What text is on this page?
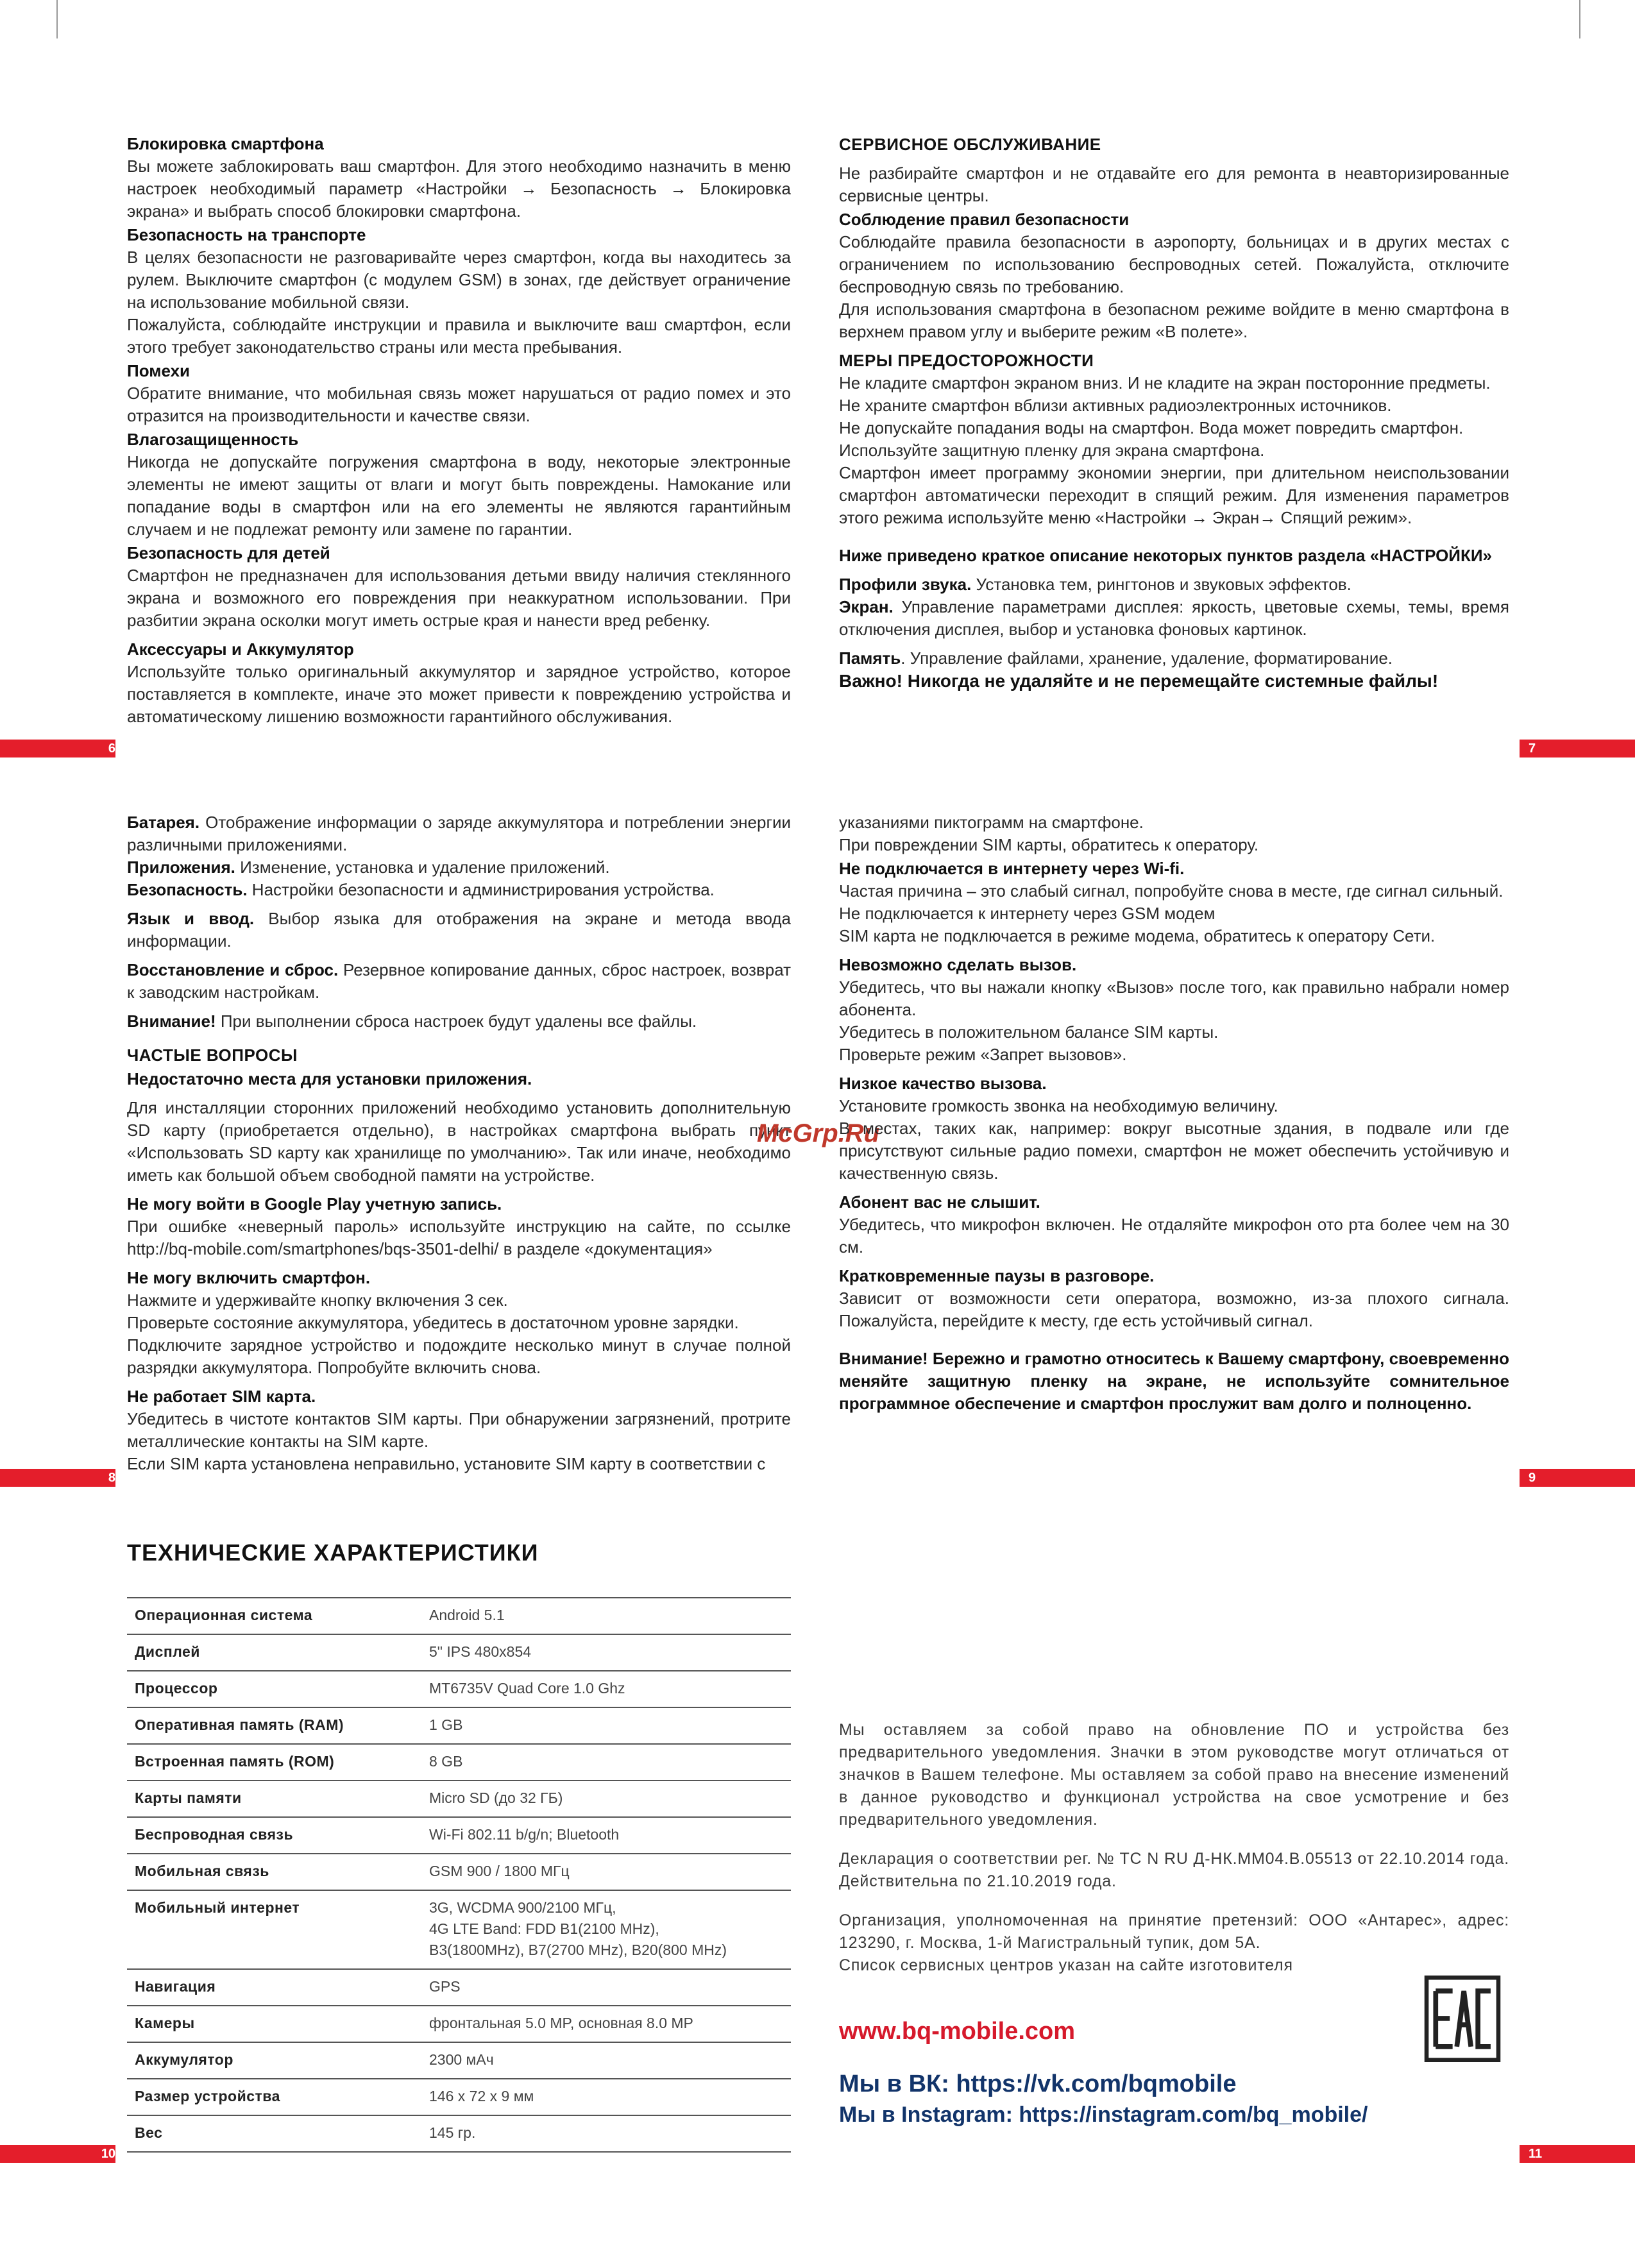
Блокировка смартфона

Вы можете заблокировать ваш смартфон. Для этого необходимо назначить в меню настроек необходимый параметр «Настройки → Безопасность → Блокировка экрана» и выбрать способ блокировки смартфона.

Безопасность на транспорте

В целях безопасности не разговаривайте через смартфон, когда вы находитесь за рулем. Выключите смартфон (с модулем GSM) в зонах, где действует ограничение на использование мобильной связи.

Пожалуйста, соблюдайте инструкции и правила и выключите ваш смартфон, если этого требует законодательство страны или места пребывания.

Помехи

Обратите внимание, что мобильная связь может нарушаться от радио помех и это отразится на производительности и качестве связи.

Влагозащищенность

Никогда не допускайте погружения смартфона в воду, некоторые электронные элементы не имеют защиты от влаги и могут быть повреждены. Намокание или попадание воды в смартфон или на его элементы не являются гарантийным случаем и не подлежат ремонту или замене по гарантии.

Безопасность для детей

Смартфон не предназначен для использования детьми ввиду наличия стеклянного экрана и возможного его повреждения при неаккуратном использовании. При разбитии экрана осколки могут иметь острые края и нанести вред ребенку.

Аксессуары и Аккумулятор

Используйте только оригинальный аккумулятор и зарядное устройство, которое поставляется в комплекте, иначе это может привести к повреждению устройства и автоматическому лишению возможности гарантийного обслуживания.

6

СЕРВИСНОЕ ОБСЛУЖИВАНИЕ

Не разбирайте смартфон и не отдавайте его для ремонта в неавторизированные сервисные центры.

Соблюдение правил безопасности

Соблюдайте правила безопасности в аэропорту, больницах и в других местах с ограничением по использованию беспроводных сетей. Пожалуйста, отключите беспроводную связь по требованию.

Для использования смартфона в безопасном режиме войдите в меню смартфона в верхнем правом углу и выберите режим «В полете».

МЕРЫ ПРЕДОСТОРОЖНОСТИ

Не кладите смартфон экраном вниз. И не кладите на экран посторонние предметы.

Не храните смартфон вблизи активных радиоэлектронных источников.

Не допускайте попадания воды на смартфон. Вода может повредить смартфон.

Используйте защитную пленку для экрана смартфона.

Смартфон имеет программу экономии энергии, при длительном неиспользовании смартфон автоматически переходит в спящий режим. Для изменения параметров этого режима используйте меню «Настройки → Экран→ Спящий режим».

Ниже приведено краткое описание некоторых пунктов раздела «НАСТРОЙКИ»

Профили звука. Установка тем, рингтонов и звуковых эффектов.

Экран. Управление параметрами дисплея: яркость, цветовые схемы, темы, время отключения дисплея, выбор и установка фоновых картинок.

Память. Управление файлами, хранение, удаление, форматирование.

Важно! Никогда не удаляйте и не перемещайте системные файлы!

7

Батарея. Отображение информации о заряде аккумулятора и потреблении энергии различными приложениями.

Приложения. Изменение, установка и удаление приложений.

Безопасность. Настройки безопасности и администрирования устройства.

Язык и ввод. Выбор языка для отображения на экране и метода ввода информации.

Восстановление и сброс. Резервное копирование данных, сброс настроек, возврат к заводским настройкам.

Внимание! При выполнении сброса настроек будут удалены все файлы.

ЧАСТЫЕ ВОПРОСЫ

Недостаточно места для установки приложения.

Для инсталляции сторонних приложений необходимо установить дополнительную SD карту (приобретается отдельно), в настройках смартфона выбрать пункт «Использовать SD карту как хранилище по умолчанию». Так или иначе, необходимо иметь как большой объем свободной памяти на устройстве.

Не могу войти в Google Play учетную запись.

При ошибке «неверный пароль» используйте инструкцию на сайте, по ссылке http://bq-mobile.com/smartphones/bqs-3501-delhi/ в разделе «документация»

Не могу включить смартфон.

Нажмите и удерживайте кнопку включения 3 сек.

Проверьте состояние аккумулятора, убедитесь в достаточном уровне зарядки.

Подключите зарядное устройство и подождите несколько минут в случае полной разрядки аккумулятора. Попробуйте включить снова.

Не работает SIM карта.

Убедитесь в чистоте контактов SIM карты. При обнаружении загрязнений, протрите металлические контакты на SIM карте.

Если SIM карта установлена неправильно, установите SIM карту в соответствии с

8
McGrp.Ru

указаниями пиктограмм на смартфоне.

При повреждении SIM карты, обратитесь к оператору.

Не подключается в интернету через Wi-fi.

Частая причина – это слабый сигнал, попробуйте снова в месте, где сигнал сильный.

Не подключается к интернету через GSM модем

SIM карта не подключается в режиме модема, обратитесь к оператору Сети.

Невозможно сделать вызов.

Убедитесь, что вы нажали кнопку «Вызов» после того, как правильно набрали номер абонента.

Убедитесь в положительном балансе SIM карты.

Проверьте режим «Запрет вызовов».

Низкое качество вызова.

Установите громкость звонка на необходимую величину.

В местах, таких как, например: вокруг высотные здания, в подвале или где присутствуют сильные радио помехи, смартфон не может обеспечить устойчивую и качественную связь.

Абонент вас не слышит.

Убедитесь, что микрофон включен. Не отдаляйте микрофон ото рта более чем на 30 см.

Кратковременные паузы в разговоре.

Зависит от возможности сети оператора, возможно, из-за плохого сигнала. Пожалуйста, перейдите к месту, где есть устойчивый сигнал.

Внимание! Бережно и грамотно относитесь к Вашему смартфону, своевременно меняйте защитную пленку на экране, не используйте сомнительное программное обеспечение и смартфон прослужит вам долго и полноценно.

9
ТЕХНИЧЕСКИЕ ХАРАКТЕРИСТИКИ
Операционная система	Android 5.1
Дисплей	5" IPS 480x854
Процессор	MT6735V Quad Core 1.0 Ghz
Оперативная память (RAM)	1 GB
Встроенная память (ROM)	8 GB
Карты памяти	Micro SD (до 32 ГБ)
Беспроводная связь	Wi-Fi 802.11 b/g/n; Bluetooth
Мобильная связь	GSM 900 / 1800 МГц
Мобильный интернет	3G, WCDMA 900/2100 МГц,
4G LTE Band: FDD B1(2100 MHz),
B3(1800MHz), B7(2700 MHz), B20(800 MHz)
Навигация	GPS
Камеры	фронтальная 5.0 MP, основная 8.0 MP
Аккумулятор	2300 мАч
Размер устройства	146 х 72 х 9 мм
Вес	145 гр.
10

Мы оставляем за собой право на обновление ПО и устройства без предварительного уведомления. Значки в этом руководстве могут отличаться от значков в Вашем телефоне. Мы оставляем за собой право на внесение изменений в данное руководство и функционал устройства на свое усмотрение и без предварительного уведомления.

Декларация о соответствии рег. № ТС N RU Д-НК.ММ04.В.05513 от 22.10.2014 года. Действительна по 21.10.2019 года.

Организация, уполномоченная на принятие претензий: ООО «Антарес», адрес: 123290, г. Москва, 1-й Магистральный тупик, дом 5А.

Список сервисных центров указан на сайте изготовителя

www.bq-mobile.com

Мы в ВК: https://vk.com/bqmobile

Мы в Instagram: https://instagram.com/bq_mobile/

11
